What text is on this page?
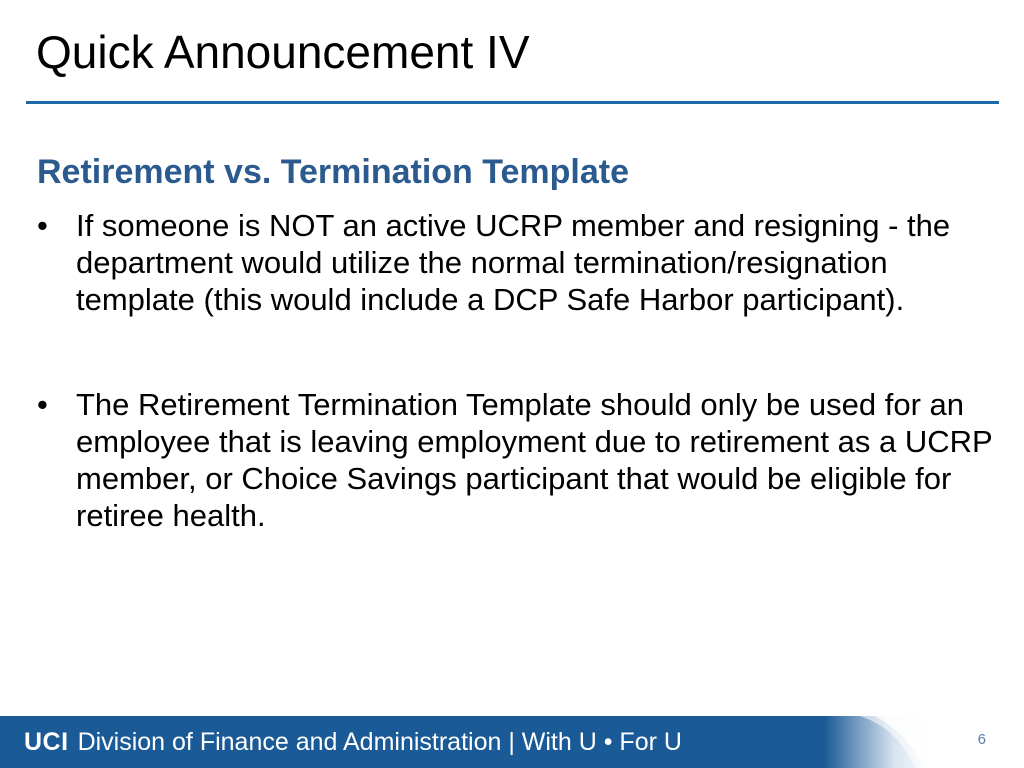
Quick Announcement IV
Retirement vs. Termination Template
• If someone is NOT an active UCRP member and resigning - the department would utilize the normal termination/resignation template (this would include a DCP Safe Harbor participant).
• The Retirement Termination Template should only be used for an employee that is leaving employment due to retirement as a UCRP member, or Choice Savings participant that would be eligible for retiree health.
UCI Division of Finance and Administration | With U • For U	6
